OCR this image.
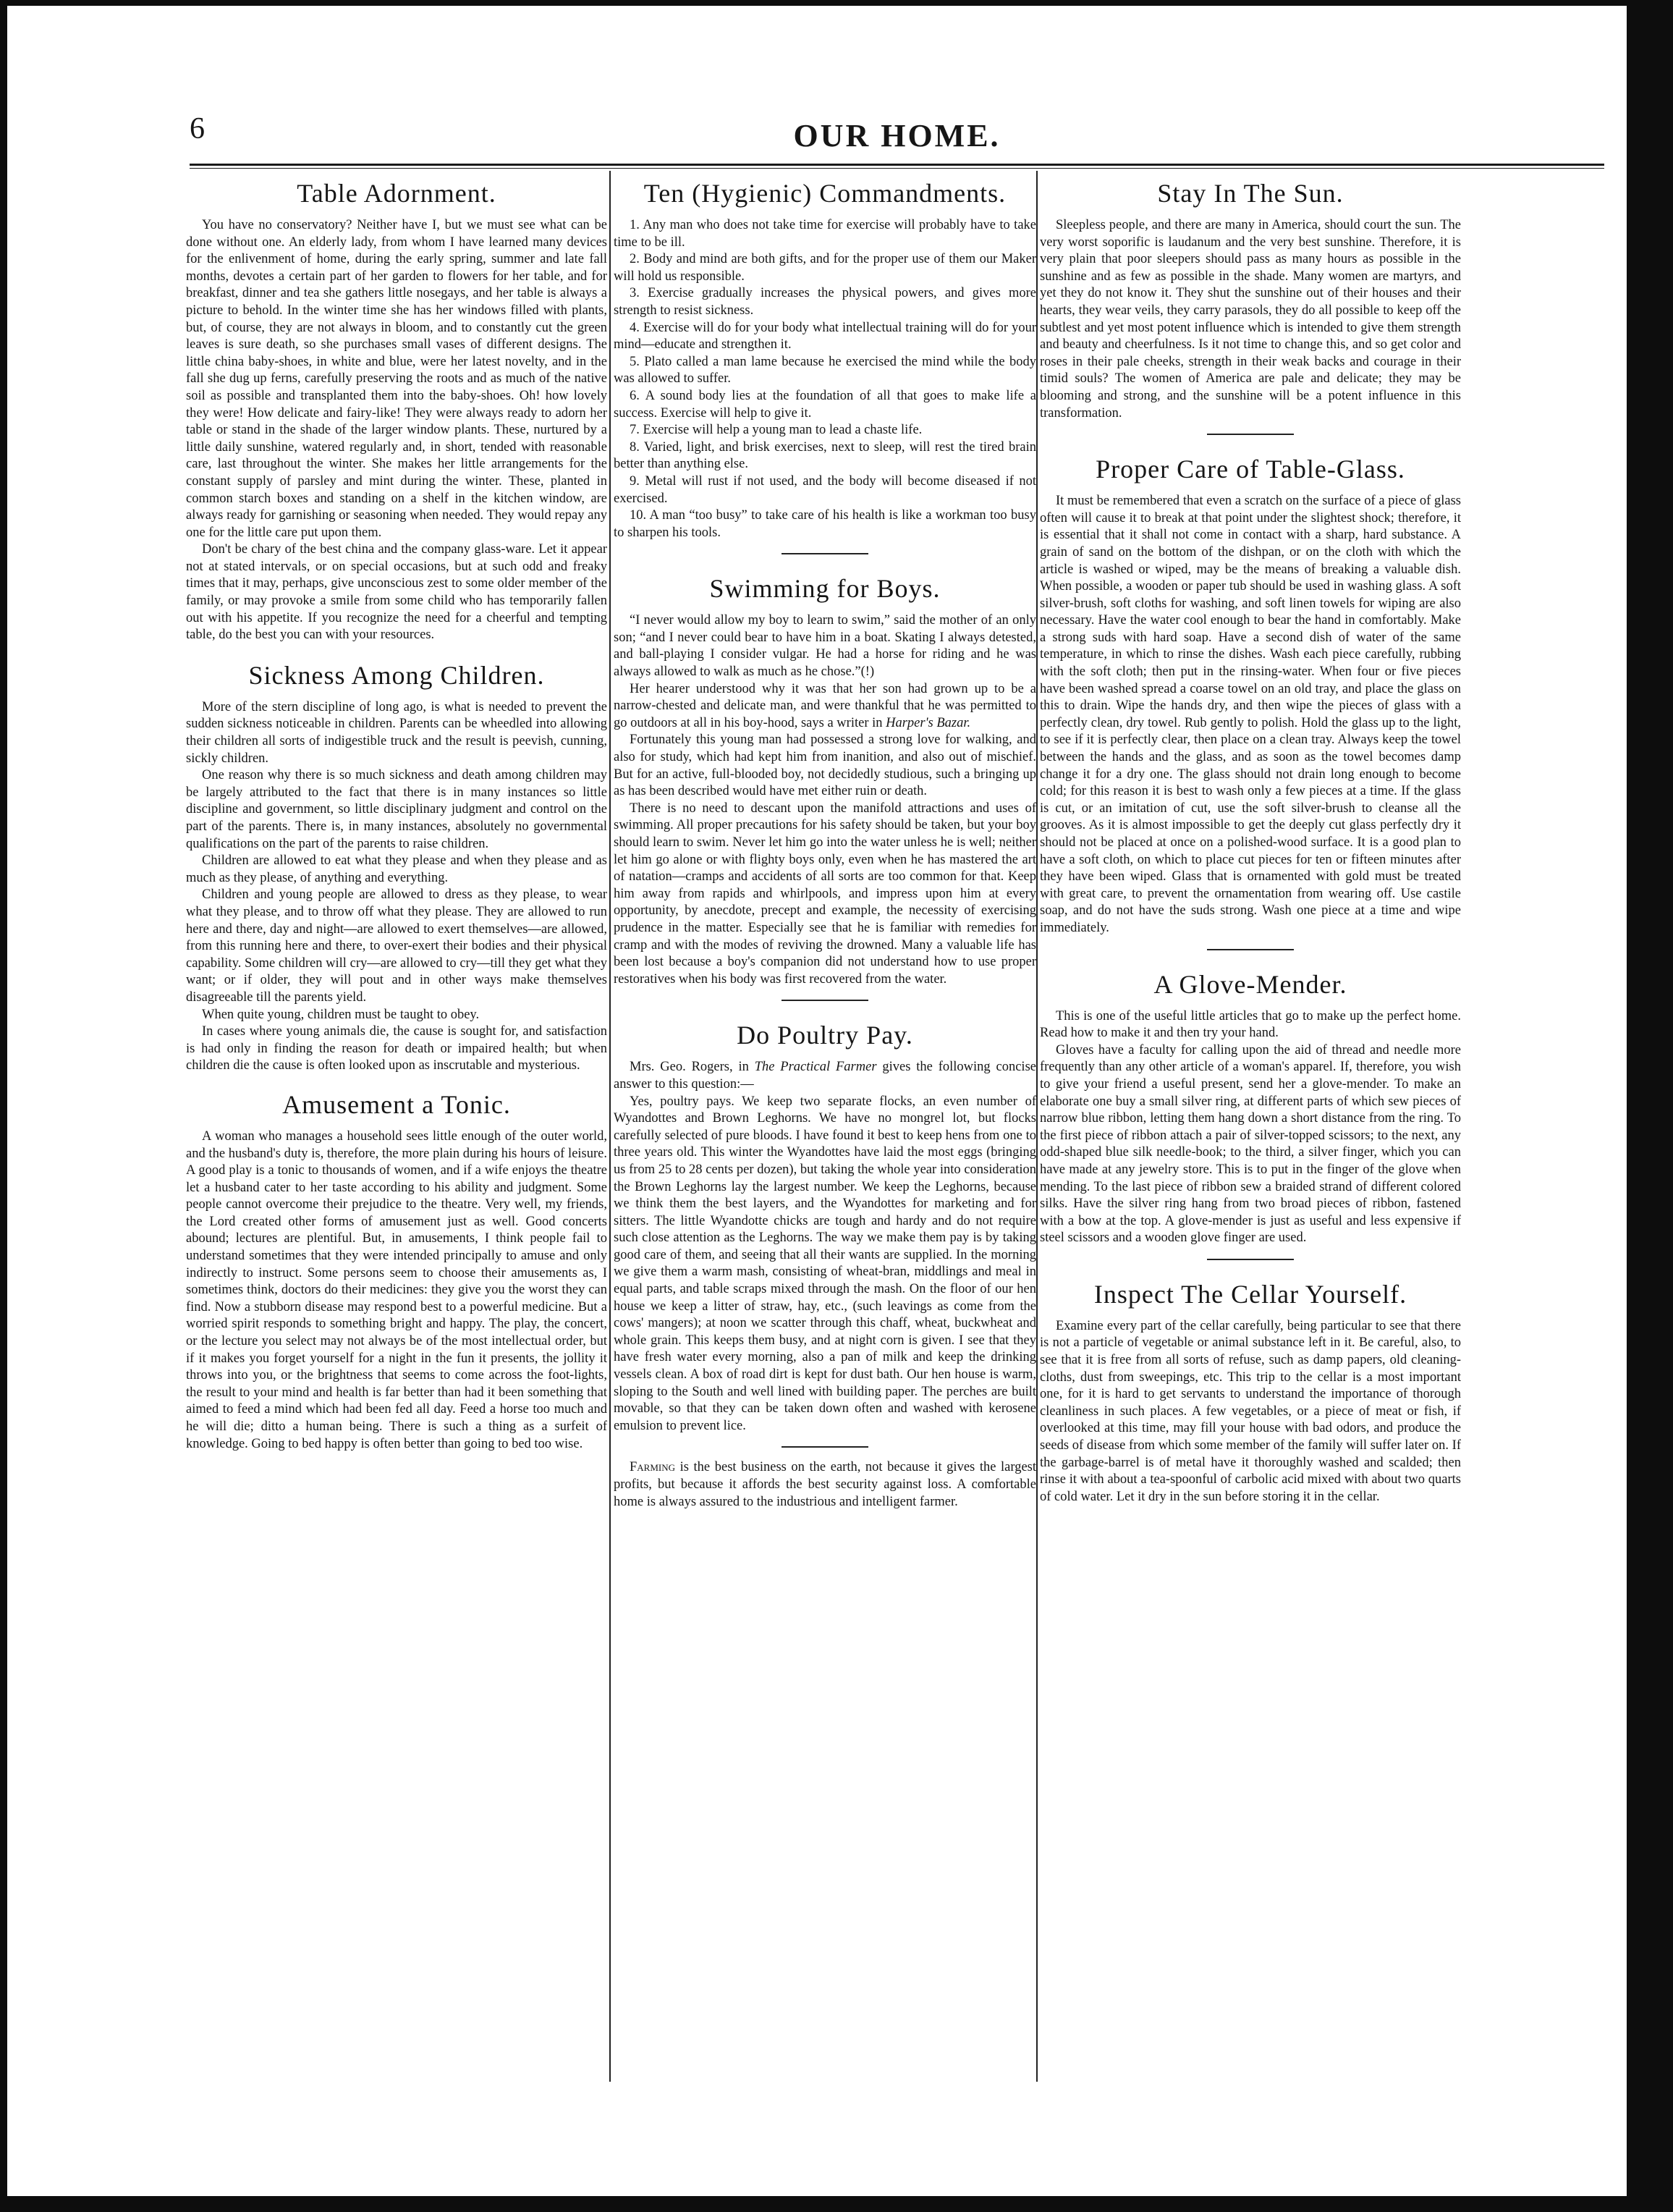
6	OUR HOME.
Table Adornment.

You have no conservatory? Neither have I, but we must see what can be done without one. An elderly lady, from whom I have learned many devices for the enlivenment of home, during the early spring, summer and late fall months, devotes a certain part of her garden to flowers for her table, and for breakfast, dinner and tea she gathers little nosegays, and her table is always a picture to behold. In the winter time she has her windows filled with plants, but, of course, they are not always in bloom, and to constantly cut the green leaves is sure death, so she purchases small vases of different designs. The little china baby-shoes, in white and blue, were her latest novelty, and in the fall she dug up ferns, carefully preserving the roots and as much of the native soil as possible and transplanted them into the baby-shoes. Oh! how lovely they were! How delicate and fairy-like! They were always ready to adorn her table or stand in the shade of the larger window plants. These, nurtured by a little daily sunshine, watered regularly and, in short, tended with reasonable care, last throughout the winter. She makes her little arrangements for the constant supply of parsley and mint during the winter. These, planted in common starch boxes and standing on a shelf in the kitchen window, are always ready for garnishing or seasoning when needed. They would repay any one for the little care put upon them.

Don't be chary of the best china and the company glass-ware. Let it appear not at stated intervals, or on special occasions, but at such odd and freaky times that it may, perhaps, give unconscious zest to some older member of the family, or may provoke a smile from some child who has temporarily fallen out with his appetite. If you recognize the need for a cheerful and tempting table, do the best you can with your resources.

Sickness Among Children.

More of the stern discipline of long ago, is what is needed to prevent the sudden sickness noticeable in children. Parents can be wheedled into allowing their children all sorts of indigestible truck and the result is peevish, cunning, sickly children.

One reason why there is so much sickness and death among children may be largely attributed to the fact that there is in many instances so little discipline and government, so little disciplinary judgment and control on the part of the parents. There is, in many instances, absolutely no governmental qualifications on the part of the parents to raise children.

Children are allowed to eat what they please and when they please and as much as they please, of anything and everything.

Children and young people are allowed to dress as they please, to wear what they please, and to throw off what they please. They are allowed to run here and there, day and night—are allowed to exert themselves—are allowed, from this running here and there, to over-exert their bodies and their physical capability. Some children will cry—are allowed to cry—till they get what they want; or if older, they will pout and in other ways make themselves disagreeable till the parents yield.

When quite young, children must be taught to obey.

In cases where young animals die, the cause is sought for, and satisfaction is had only in finding the reason for death or impaired health; but when children die the cause is often looked upon as inscrutable and mysterious.

Amusement a Tonic.

A woman who manages a household sees little enough of the outer world, and the husband's duty is, therefore, the more plain during his hours of leisure. A good play is a tonic to thousands of women, and if a wife enjoys the theatre let a husband cater to her taste according to his ability and judgment. Some people cannot overcome their prejudice to the theatre. Very well, my friends, the Lord created other forms of amusement just as well. Good concerts abound; lectures are plentiful. But, in amusements, I think people fail to understand sometimes that they were intended principally to amuse and only indirectly to instruct. Some persons seem to choose their amusements as, I sometimes think, doctors do their medicines: they give you the worst they can find. Now a stubborn disease may respond best to a powerful medicine. But a worried spirit responds to something bright and happy. The play, the concert, or the lecture you select may not always be of the most intellectual order, but if it makes you forget yourself for a night in the fun it presents, the jollity it throws into you, or the brightness that seems to come across the foot-lights, the result to your mind and health is far better than had it been something that aimed to feed a mind which had been fed all day. Feed a horse too much and he will die; ditto a human being. There is such a thing as a surfeit of knowledge. Going to bed happy is often better than going to bed too wise.

Ten (Hygienic) Commandments.

1. Any man who does not take time for exercise will probably have to take time to be ill.

2. Body and mind are both gifts, and for the proper use of them our Maker will hold us responsible.

3. Exercise gradually increases the physical powers, and gives more strength to resist sickness.

4. Exercise will do for your body what intellectual training will do for your mind—educate and strengthen it.

5. Plato called a man lame because he exercised the mind while the body was allowed to suffer.

6. A sound body lies at the foundation of all that goes to make life a success. Exercise will help to give it.

7. Exercise will help a young man to lead a chaste life.

8. Varied, light, and brisk exercises, next to sleep, will rest the tired brain better than anything else.

9. Metal will rust if not used, and the body will become diseased if not exercised.

10. A man “too busy” to take care of his health is like a workman too busy to sharpen his tools.

Swimming for Boys.

“I never would allow my boy to learn to swim,” said the mother of an only son; “and I never could bear to have him in a boat. Skating I always detested, and ball-playing I consider vulgar. He had a horse for riding and he was always allowed to walk as much as he chose.”(!)

Her hearer understood why it was that her son had grown up to be a narrow-chested and delicate man, and were thankful that he was permitted to go outdoors at all in his boy-hood, says a writer in Harper's Bazar.

Fortunately this young man had possessed a strong love for walking, and also for study, which had kept him from inanition, and also out of mischief. But for an active, full-blooded boy, not decidedly studious, such a bringing up as has been described would have met either ruin or death.

There is no need to descant upon the manifold attractions and uses of swimming. All proper precautions for his safety should be taken, but your boy should learn to swim. Never let him go into the water unless he is well; neither let him go alone or with flighty boys only, even when he has mastered the art of natation—cramps and accidents of all sorts are too common for that. Keep him away from rapids and whirlpools, and impress upon him at every opportunity, by anecdote, precept and example, the necessity of exercising prudence in the matter. Especially see that he is familiar with remedies for cramp and with the modes of reviving the drowned. Many a valuable life has been lost because a boy's companion did not understand how to use proper restoratives when his body was first recovered from the water.

Do Poultry Pay.

Mrs. Geo. Rogers, in The Practical Farmer gives the following concise answer to this question:—

Yes, poultry pays. We keep two separate flocks, an even number of Wyandottes and Brown Leghorns. We have no mongrel lot, but flocks carefully selected of pure bloods. I have found it best to keep hens from one to three years old. This winter the Wyandottes have laid the most eggs (bringing us from 25 to 28 cents per dozen), but taking the whole year into consideration the Brown Leghorns lay the largest number. We keep the Leghorns, because we think them the best layers, and the Wyandottes for marketing and for sitters. The little Wyandotte chicks are tough and hardy and do not require such close attention as the Leghorns. The way we make them pay is by taking good care of them, and seeing that all their wants are supplied. In the morning we give them a warm mash, consisting of wheat-bran, middlings and meal in equal parts, and table scraps mixed through the mash. On the floor of our hen house we keep a litter of straw, hay, etc., (such leavings as come from the cows' mangers); at noon we scatter through this chaff, wheat, buckwheat and whole grain. This keeps them busy, and at night corn is given. I see that they have fresh water every morning, also a pan of milk and keep the drinking vessels clean. A box of road dirt is kept for dust bath. Our hen house is warm, sloping to the South and well lined with building paper. The perches are built movable, so that they can be taken down often and washed with kerosene emulsion to prevent lice.

Farming is the best business on the earth, not because it gives the largest profits, but because it affords the best security against loss. A comfortable home is always assured to the industrious and intelligent farmer.

Stay In The Sun.

Sleepless people, and there are many in America, should court the sun. The very worst soporific is laudanum and the very best sunshine. Therefore, it is very plain that poor sleepers should pass as many hours as possible in the sunshine and as few as possible in the shade. Many women are martyrs, and yet they do not know it. They shut the sunshine out of their houses and their hearts, they wear veils, they carry parasols, they do all possible to keep off the subtlest and yet most potent influence which is intended to give them strength and beauty and cheerfulness. Is it not time to change this, and so get color and roses in their pale cheeks, strength in their weak backs and courage in their timid souls? The women of America are pale and delicate; they may be blooming and strong, and the sunshine will be a potent influence in this transformation.

Proper Care of Table-Glass.

It must be remembered that even a scratch on the surface of a piece of glass often will cause it to break at that point under the slightest shock; therefore, it is essential that it shall not come in contact with a sharp, hard substance. A grain of sand on the bottom of the dishpan, or on the cloth with which the article is washed or wiped, may be the means of breaking a valuable dish. When possible, a wooden or paper tub should be used in washing glass. A soft silver-brush, soft cloths for washing, and soft linen towels for wiping are also necessary. Have the water cool enough to bear the hand in comfortably. Make a strong suds with hard soap. Have a second dish of water of the same temperature, in which to rinse the dishes. Wash each piece carefully, rubbing with the soft cloth; then put in the rinsing-water. When four or five pieces have been washed spread a coarse towel on an old tray, and place the glass on this to drain. Wipe the hands dry, and then wipe the pieces of glass with a perfectly clean, dry towel. Rub gently to polish. Hold the glass up to the light, to see if it is perfectly clear, then place on a clean tray. Always keep the towel between the hands and the glass, and as soon as the towel becomes damp change it for a dry one. The glass should not drain long enough to become cold; for this reason it is best to wash only a few pieces at a time. If the glass is cut, or an imitation of cut, use the soft silver-brush to cleanse all the grooves. As it is almost impossible to get the deeply cut glass perfectly dry it should not be placed at once on a polished-wood surface. It is a good plan to have a soft cloth, on which to place cut pieces for ten or fifteen minutes after they have been wiped. Glass that is ornamented with gold must be treated with great care, to prevent the ornamentation from wearing off. Use castile soap, and do not have the suds strong. Wash one piece at a time and wipe immediately.

A Glove-Mender.

This is one of the useful little articles that go to make up the perfect home. Read how to make it and then try your hand.

Gloves have a faculty for calling upon the aid of thread and needle more frequently than any other article of a woman's apparel. If, therefore, you wish to give your friend a useful present, send her a glove-mender. To make an elaborate one buy a small silver ring, at different parts of which sew pieces of narrow blue ribbon, letting them hang down a short distance from the ring. To the first piece of ribbon attach a pair of silver-topped scissors; to the next, any odd-shaped blue silk needle-book; to the third, a silver finger, which you can have made at any jewelry store. This is to put in the finger of the glove when mending. To the last piece of ribbon sew a braided strand of different colored silks. Have the silver ring hang from two broad pieces of ribbon, fastened with a bow at the top. A glove-mender is just as useful and less expensive if steel scissors and a wooden glove finger are used.

Inspect The Cellar Yourself.

Examine every part of the cellar carefully, being particular to see that there is not a particle of vegetable or animal substance left in it. Be careful, also, to see that it is free from all sorts of refuse, such as damp papers, old cleaning-cloths, dust from sweepings, etc. This trip to the cellar is a most important one, for it is hard to get servants to understand the importance of thorough cleanliness in such places. A few vegetables, or a piece of meat or fish, if overlooked at this time, may fill your house with bad odors, and produce the seeds of disease from which some member of the family will suffer later on. If the garbage-barrel is of metal have it thoroughly washed and scalded; then rinse it with about a tea-spoonful of carbolic acid mixed with about two quarts of cold water. Let it dry in the sun before storing it in the cellar.
